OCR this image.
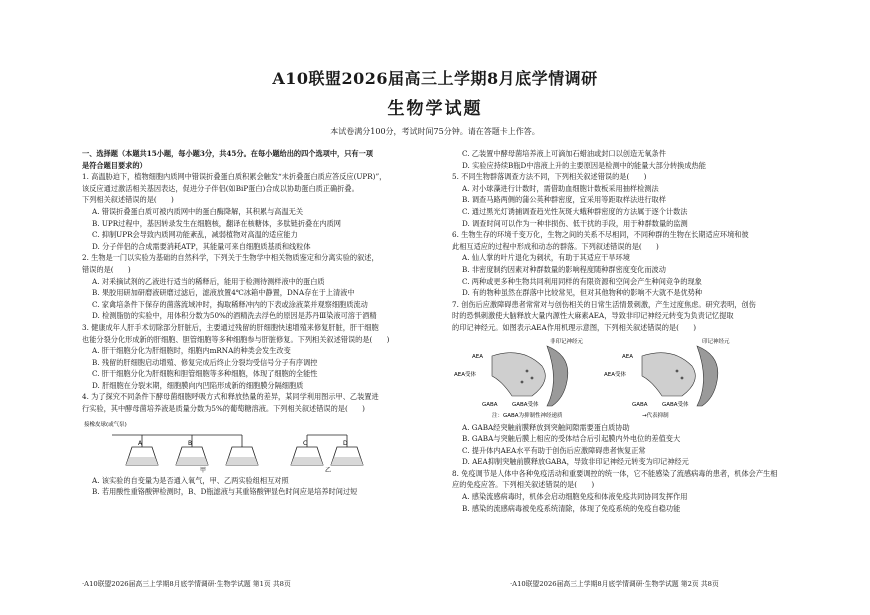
A10联盟2026届高三上学期8月底学情调研
生物学试题
本试卷满分100分，考试时间75分钟。请在答题卡上作答。
一、选择题（本题共15小题，每小题3分，共45分。在每小题给出的四个选项中，只有一项
是符合题目要求的）
1. 高温胁迫下，植物细胞内质网中错误折叠蛋白质积累会触发“未折叠蛋白质应答反应(UPR)”，
该反应通过激活相关基因表达，促进分子伴侣(如BiP蛋白)合成以协助蛋白质正确折叠。
下列相关叙述错误的是(　　)
A. 错误折叠蛋白质可被内质网中的蛋白酶降解，其积累与高温无关
B. UPR过程中，基因转录发生在细胞核，翻译在核糖体，多肽链折叠在内质网
C. 抑制UPR会导致内质网功能紊乱，减弱植物对高温的适应能力
D. 分子伴侣的合成需要消耗ATP，其能量可来自细胞质基质和线粒体
2. 生物是一门以实验为基础的自然科学，下列关于生物学中相关物质鉴定和分离实验的叙述，
错误的是(　　)
A. 对釆摘试剂的乙液进行适当的稀释后，能用于检测待测样液中的蛋白质
B. 果胶用研加研磨液研磨过滤后，滤液放置4℃冰箱中静置，DNA存在于上清液中
C. 家禽培条件下保存的菌落流域冲时，掏取稀释冲内的下表或涂液菜并观察细胞质流动
D. 检测脂肪的实验中，用体积分数为50%的酒精洗去浮色的原因是苏丹Ⅲ染液可溶于酒精
3. 健康成年人肝手术切除部分肝脏后，主要通过残留的肝细胞快速增殖来修复肝脏，肝干细胞
也能分裂分化形成新的肝细胞、胆管细胞等多种细胞参与肝脏修复。下列相关叙述错误的是(　　)
A. 肝干细胞分化为肝细胞时，细胞内mRNA的种类会发生改变
B. 残留的肝细胞启动增殖、修复完成后终止分裂均受信号分子有序调控
C. 肝干细胞分化为肝细胞和胆管细胞等多种细胞，体现了细胞的全能性
D. 肝细胞在分裂末期，细胞膜向内凹陷形成新的细胞膜分隔细胞质
4. 为了探究不同条件下酵母菌细胞呼吸方式和释放热量的差异，某同学利用图示甲、乙装置进
行实验，其中酵母菌培养液是质量分数为5%的葡萄糖溶液。下列相关叙述错误的是(　　)
接橡皮球(或气泵)
A	B	C	D
甲	乙
A. 该实验的自变量为是否通入氧气，甲、乙两实验组相互对照
B. 若用酸性重铬酸钾检测时，B、D瓶滤液与其重铬酸钾显色时间应是培养时间过短
C. 乙装置中酵母菌培养液上可滴加石蜡油或封口以创造无氧条件
D. 实验应持续B瓶D中溶液上升的主要原因是检测中的能量大部分转换成热能
5. 不同生物群落调查方法不同，下列相关叙述错误的是(　　)
A. 对小球藻进行计数时，需借助血细胞计数板采用抽样检测法
B. 调查马路两侧的蒲公英种群密度，宜采用等距取样法进行取样
C. 通过黑光灯诱捕调查趋光性灰斑大蛾种群密度的方法属于逐个计数法
D. 调查时间可以作为一种非损伤、低干扰的手段，用于种群数量的监测
6. 生物生存的环境千变万化，生物之间的关系不尽相同，不同种群的生物在长期适应环境和彼
此相互适应的过程中形成和动态的群落。下列叙述错误的是(　　)
A. 仙人掌的叶片退化为刺状，有助于其适应干旱环境
B. 非密度制约因素对种群数量的影响程度随种群密度变化而波动
C. 两种或更多种生物共同利用同样的有限资源和空间会产生种间竞争的现象
D. 有的物种虽然在群落中比较常见，但对其他物种的影响不大就不是优势种
7. 创伤后应激障碍患者常常对与创伤相关的日常生活情景刺激，产生过度焦虑。研究表明，创伤
时的恐惧刺激使大脑释放大量内源性大麻素AEA，导致非印记神经元转变为负责记忆提取
的印记神经元。如图表示AEA作用机理示意图，下列相关叙述错误的是(　　)
非印记神经元	印记神经元
AEA	AEA
AEA受体	AEA受体
GABA	GABA
GABA受体	GABA受体
注：GABA为抑制性神经递质	→代表抑制
A. GABA经突触前膜释放到突触间隙需要蛋白质协助
B. GABA与突触后膜上相应的受体结合后引起膜内外电位的差值变大
C. 提升体内AEA水平有助于创伤后应激障碍患者恢复正常
D. AEA抑制突触前膜释放GABA，导致非印记神经元转变为印记神经元
8. 免疫调节是人体中各种免疫活动和重要调控的统一体，它不能感染了流感病毒的患者，机体会产生相
应的免疫应答。下列相关叙述错误的是(　　)
A. 感染流感病毒时，机体会启动细胞免疫和体液免疫共同协同发挥作用
B. 感染的流感病毒被免疫系统清除，体现了免疫系统的免疫自稳功能
·A10联盟2026届高三上学期8月底学情调研·生物学试题 第1页 共8页	·A10联盟2026届高三上学期8月底学情调研·生物学试题 第2页 共8页
